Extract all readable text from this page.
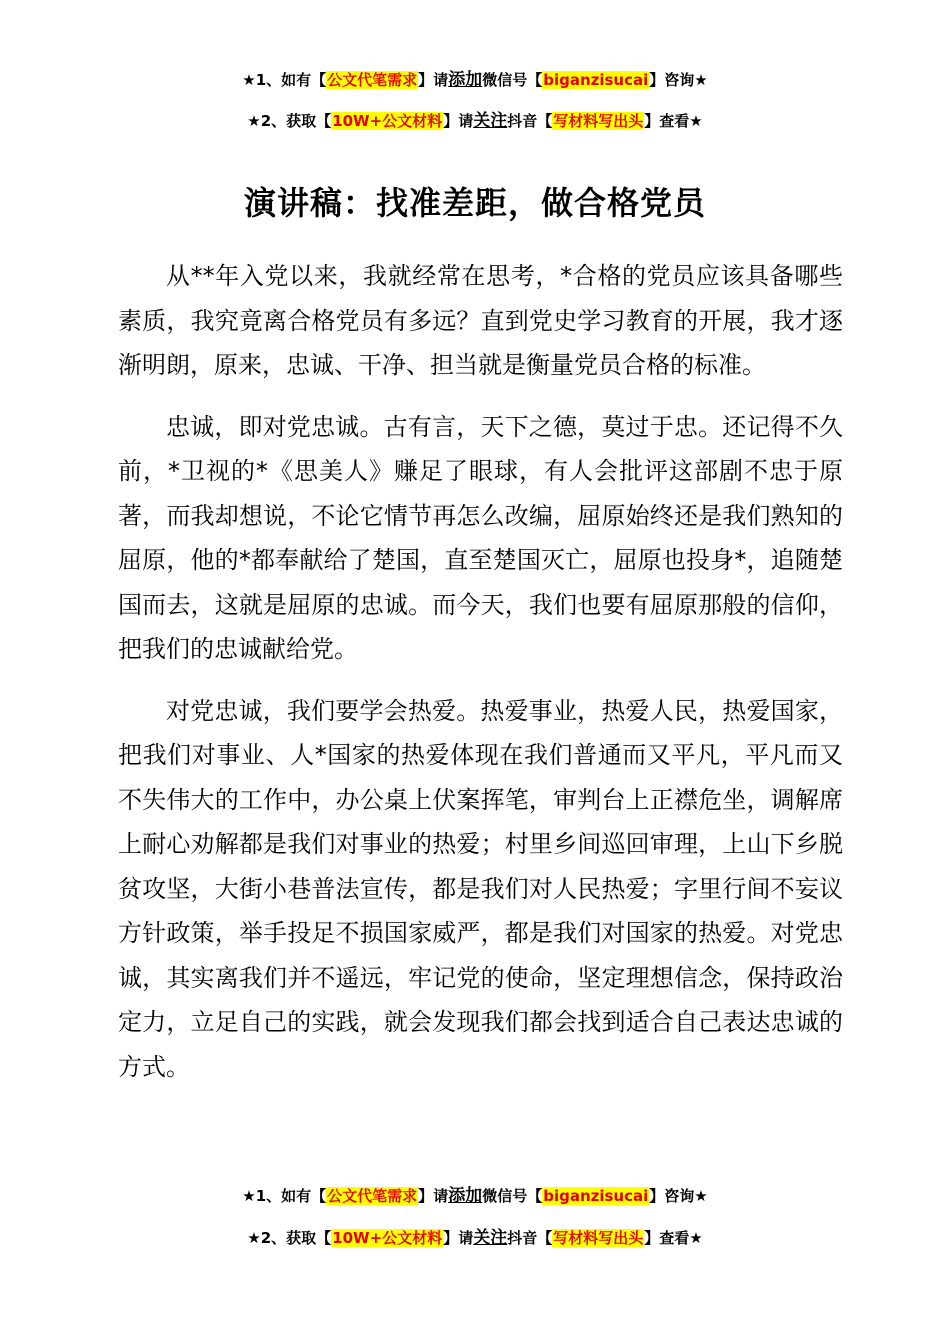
★1、如有【公文代笔需求】请添加微信号【biganzisucai】咨询★
★2、获取【10W+公文材料】请关注抖音【写材料写出头】查看★
演讲稿：找准差距，做合格党员

从**年入党以来，我就经常在思考，*合格的党员应该具备哪些素质，我究竟离合格党员有多远？直到党史学习教育的开展，我才逐渐明朗，原来，忠诚、干净、担当就是衡量党员合格的标准。

忠诚，即对党忠诚。古有言，天下之德，莫过于忠。还记得不久前，*卫视的*《思美人》赚足了眼球，有人会批评这部剧不忠于原著，而我却想说，不论它情节再怎么改编，屈原始终还是我们熟知的屈原，他的*都奉献给了楚国，直至楚国灭亡，屈原也投身*，追随楚国而去，这就是屈原的忠诚。而今天，我们也要有屈原那般的信仰，把我们的忠诚献给党。

对党忠诚，我们要学会热爱。热爱事业，热爱人民，热爱国家，把我们对事业、人*国家的热爱体现在我们普通而又平凡，平凡而又不失伟大的工作中，办公桌上伏案挥笔，审判台上正襟危坐，调解席上耐心劝解都是我们对事业的热爱；村里乡间巡回审理，上山下乡脱贫攻坚，大街小巷普法宣传，都是我们对人民热爱；字里行间不妄议方针政策，举手投足不损国家威严，都是我们对国家的热爱。对党忠诚，其实离我们并不遥远，牢记党的使命，坚定理想信念，保持政治定力，立足自己的实践，就会发现我们都会找到适合自己表达忠诚的方式。

★1、如有【公文代笔需求】请添加微信号【biganzisucai】咨询★
★2、获取【10W+公文材料】请关注抖音【写材料写出头】查看★
